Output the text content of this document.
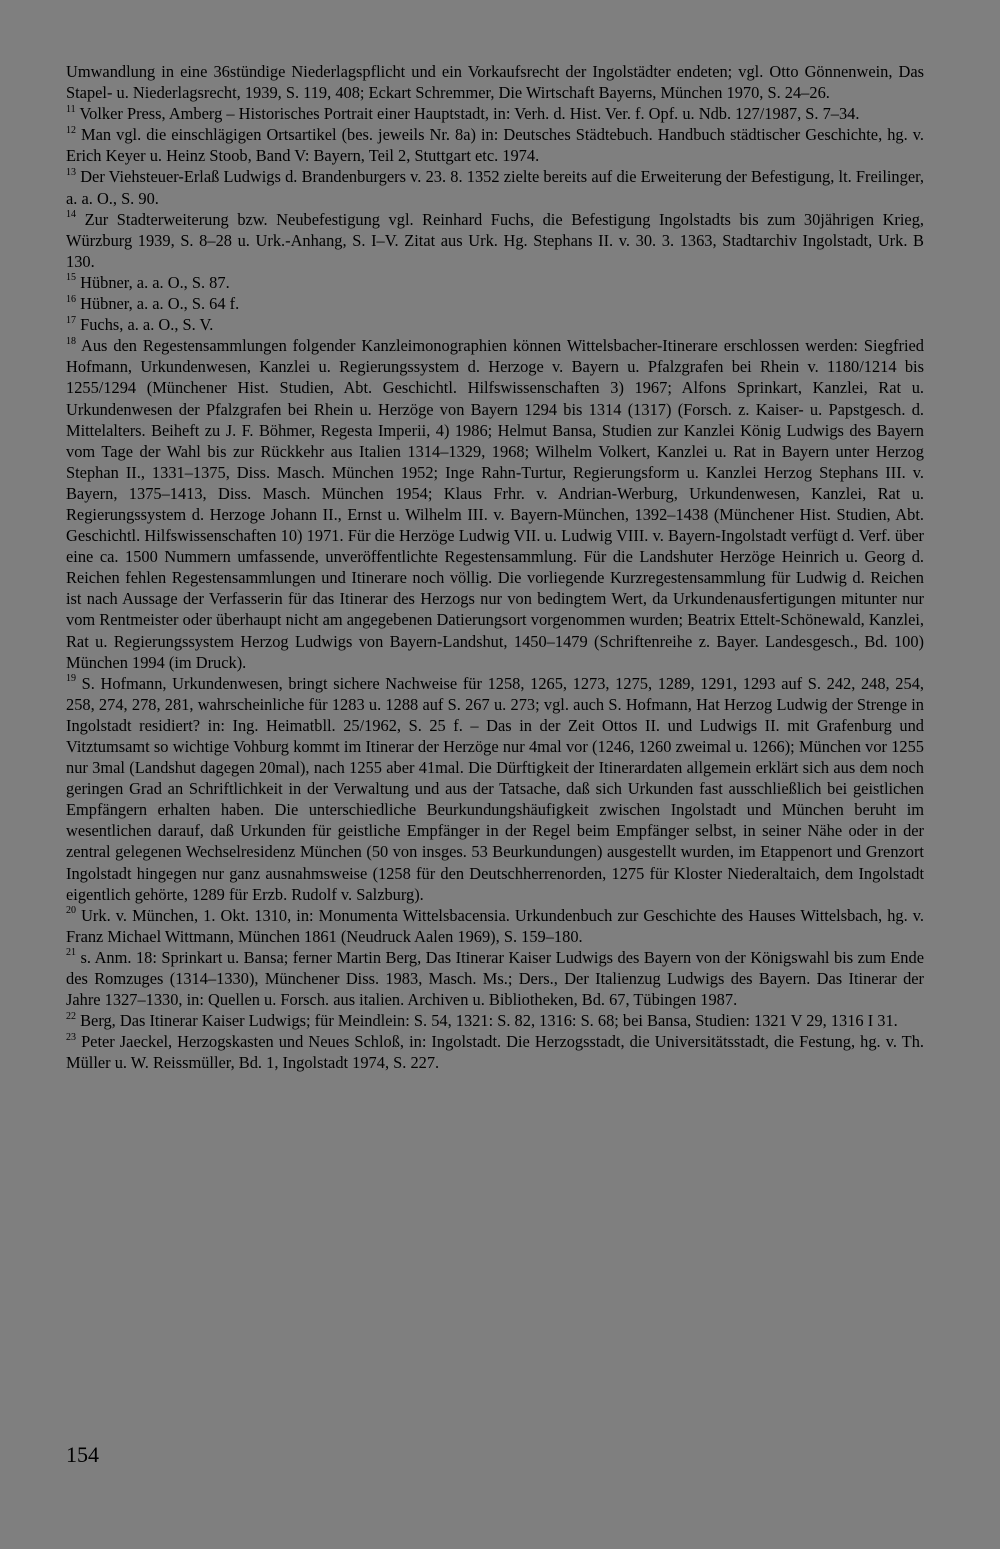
Umwandlung in eine 36stündige Niederlagspflicht und ein Vorkaufsrecht der Ingolstädter endeten; vgl. Otto Gönnenwein, Das Stapel- u. Niederlagsrecht, 1939, S. 119, 408; Eckart Schremmer, Die Wirtschaft Bayerns, München 1970, S. 24–26.

$^{11}$ Volker Press, Amberg – Historisches Portrait einer Hauptstadt, in: Verh. d. Hist. Ver. f. Opf. u. Ndb. 127/1987, S. 7–34.

$^{12}$ Man vgl. die einschlägigen Ortsartikel (bes. jeweils Nr. 8a) in: Deutsches Städtebuch. Handbuch städtischer Geschichte, hg. v. Erich Keyer u. Heinz Stoob, Band V: Bayern, Teil 2, Stuttgart etc. 1974.

$^{13}$ Der Viehsteuer-Erlaß Ludwigs d. Brandenburgers v. 23. 8. 1352 zielte bereits auf die Erweiterung der Befestigung, lt. Freilinger, a. a. O., S. 90.

$^{14}$ Zur Stadterweiterung bzw. Neubefestigung vgl. Reinhard Fuchs, die Befestigung Ingolstadts bis zum 30jährigen Krieg, Würzburg 1939, S. 8–28 u. Urk.-Anhang, S. I–V. Zitat aus Urk. Hg. Stephans II. v. 30. 3. 1363, Stadtarchiv Ingolstadt, Urk. B 130.

$^{15}$ Hübner, a. a. O., S. 87.

$^{16}$ Hübner, a. a. O., S. 64 f.

$^{17}$ Fuchs, a. a. O., S. V.

$^{18}$ Aus den Regestensammlungen folgender Kanzleimonographien können Wittelsbacher-Itinerare erschlossen werden: Siegfried Hofmann, Urkundenwesen, Kanzlei u. Regierungssystem d. Herzoge v. Bayern u. Pfalzgrafen bei Rhein v. 1180/1214 bis 1255/1294 (Münchener Hist. Studien, Abt. Geschichtl. Hilfswissenschaften 3) 1967; Alfons Sprinkart, Kanzlei, Rat u. Urkundenwesen der Pfalzgrafen bei Rhein u. Herzöge von Bayern 1294 bis 1314 (1317) (Forsch. z. Kaiser- u. Papstgesch. d. Mittelalters. Beiheft zu J. F. Böhmer, Regesta Imperii, 4) 1986; Helmut Bansa, Studien zur Kanzlei König Ludwigs des Bayern vom Tage der Wahl bis zur Rückkehr aus Italien 1314–1329, 1968; Wilhelm Volkert, Kanzlei u. Rat in Bayern unter Herzog Stephan II., 1331–1375, Diss. Masch. München 1952; Inge Rahn-Turtur, Regierungsform u. Kanzlei Herzog Stephans III. v. Bayern, 1375–1413, Diss. Masch. München 1954; Klaus Frhr. v. Andrian-Werburg, Urkundenwesen, Kanzlei, Rat u. Regierungssystem d. Herzoge Johann II., Ernst u. Wilhelm III. v. Bayern-München, 1392–1438 (Münchener Hist. Studien, Abt. Geschichtl. Hilfswissenschaften 10) 1971. Für die Herzöge Ludwig VII. u. Ludwig VIII. v. Bayern-Ingolstadt verfügt d. Verf. über eine ca. 1500 Nummern umfassende, unveröffentlichte Regestensammlung. Für die Landshuter Herzöge Heinrich u. Georg d. Reichen fehlen Regestensammlungen und Itinerare noch völlig. Die vorliegende Kurzregestensammlung für Ludwig d. Reichen ist nach Aussage der Verfasserin für das Itinerar des Herzogs nur von bedingtem Wert, da Urkundenausfertigungen mitunter nur vom Rentmeister oder überhaupt nicht am angegebenen Datierungsort vorgenommen wurden; Beatrix Ettelt-Schönewald, Kanzlei, Rat u. Regierungssystem Herzog Ludwigs von Bayern-Landshut, 1450–1479 (Schriftenreihe z. Bayer. Landesgesch., Bd. 100) München 1994 (im Druck).

$^{19}$ S. Hofmann, Urkundenwesen, bringt sichere Nachweise für 1258, 1265, 1273, 1275, 1289, 1291, 1293 auf S. 242, 248, 254, 258, 274, 278, 281, wahrscheinliche für 1283 u. 1288 auf S. 267 u. 273; vgl. auch S. Hofmann, Hat Herzog Ludwig der Strenge in Ingolstadt residiert? in: Ing. Heimatbll. 25/1962, S. 25 f. – Das in der Zeit Ottos II. und Ludwigs II. mit Grafenburg und Vitztumsamt so wichtige Vohburg kommt im Itinerar der Herzöge nur 4mal vor (1246, 1260 zweimal u. 1266); München vor 1255 nur 3mal (Landshut dagegen 20mal), nach 1255 aber 41mal. Die Dürftigkeit der Itinerardaten allgemein erklärt sich aus dem noch geringen Grad an Schriftlichkeit in der Verwaltung und aus der Tatsache, daß sich Urkunden fast ausschließlich bei geistlichen Empfängern erhalten haben. Die unterschiedliche Beurkundungshäufigkeit zwischen Ingolstadt und München beruht im wesentlichen darauf, daß Urkunden für geistliche Empfänger in der Regel beim Empfänger selbst, in seiner Nähe oder in der zentral gelegenen Wechselresidenz München (50 von insges. 53 Beurkundungen) ausgestellt wurden, im Etappenort und Grenzort Ingolstadt hingegen nur ganz ausnahmsweise (1258 für den Deutschherrenorden, 1275 für Kloster Niederaltaich, dem Ingolstadt eigentlich gehörte, 1289 für Erzb. Rudolf v. Salzburg).

$^{20}$ Urk. v. München, 1. Okt. 1310, in: Monumenta Wittelsbacensia. Urkundenbuch zur Geschichte des Hauses Wittelsbach, hg. v. Franz Michael Wittmann, München 1861 (Neudruck Aalen 1969), S. 159–180.

$^{21}$ s. Anm. 18: Sprinkart u. Bansa; ferner Martin Berg, Das Itinerar Kaiser Ludwigs des Bayern von der Königswahl bis zum Ende des Romzuges (1314–1330), Münchener Diss. 1983, Masch. Ms.; Ders., Der Italienzug Ludwigs des Bayern. Das Itinerar der Jahre 1327–1330, in: Quellen u. Forsch. aus italien. Archiven u. Bibliotheken, Bd. 67, Tübingen 1987.

$^{22}$ Berg, Das Itinerar Kaiser Ludwigs; für Meindlein: S. 54, 1321: S. 82, 1316: S. 68; bei Bansa, Studien: 1321 V 29, 1316 I 31.

$^{23}$ Peter Jaeckel, Herzogskasten und Neues Schloß, in: Ingolstadt. Die Herzogsstadt, die Universitätsstadt, die Festung, hg. v. Th. Müller u. W. Reissmüller, Bd. 1, Ingolstadt 1974, S. 227.

154
